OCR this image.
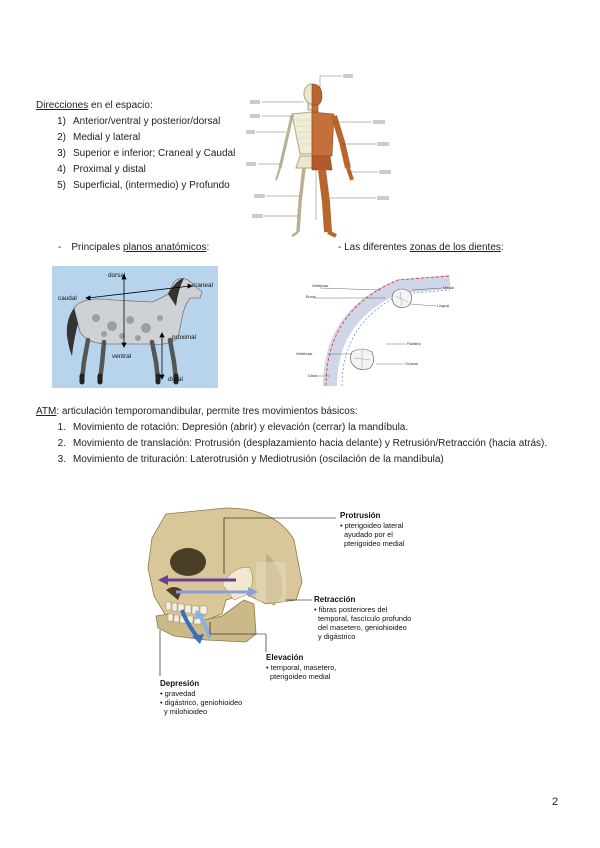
Direcciones en el espacio:
1) Anterior/ventral y posterior/dorsal
2) Medial y lateral
3) Superior e inferior; Craneal y Caudal
4) Proximal y distal
5) Superficial, (intermedio) y Profundo
- Principales planos anatómicos:	- Las diferentes zonas de los dientes:
dorsal
craneal
caudal
proximal
ventral
distal
Vestibular
Bucal
Mesial
Lingual
Palatino
Vestibular
Oclusal
Distal
ATM: articulación temporomandibular, permite tres movimientos básicos:
1. Movimiento de rotación: Depresión (abrir) y elevación (cerrar) la mandíbula.
2. Movimiento de translación: Protrusión (desplazamiento hacia delante) y Retrusión/Retracción (hacia atrás).
3. Movimiento de trituración: Laterotrusión y Mediotrusión (oscilación de la mandíbula)
Protrusión
• pterigoideo lateral
ayudado por el
pterigoideo medial
Retracción
• fibras posteriores del
temporal, fascículo profundo
del masetero, geniohioideo
y digástrico
Elevación
• temporal, masetero,
pterigoideo medial
Depresión
• gravedad
• digástrico, geniohioideo
y milohioideo
2
